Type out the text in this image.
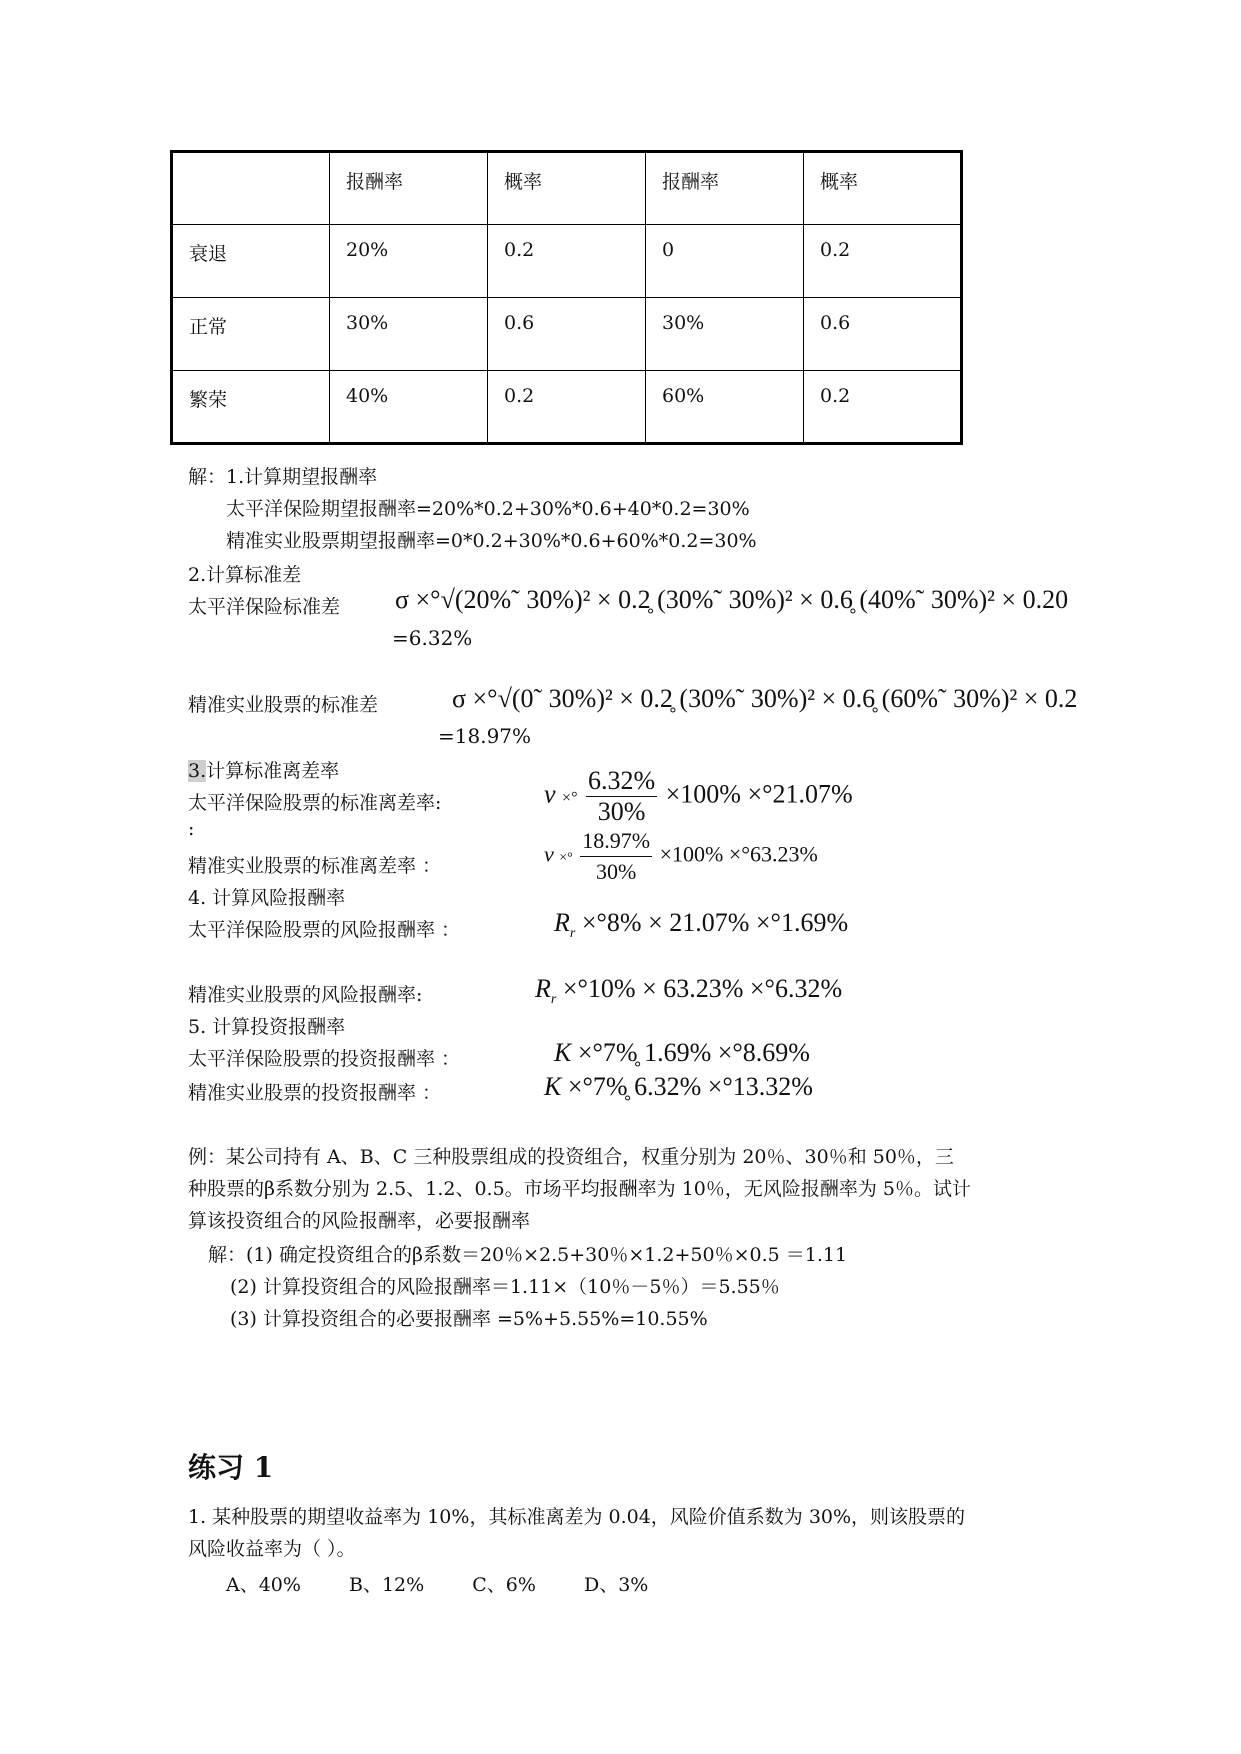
	报酬率	概率	报酬率	概率
衰退	20%	0.2	0	0.2
正常	30%	0.6	30%	0.6
繁荣	40%	0.2	60%	0.2
解：1.计算期望报酬率
太平洋保险期望报酬率=20%*0.2+30%*0.6+40*0.2=30%
精准实业股票期望报酬率=0*0.2+30%*0.6+60%*0.2=30%
2.计算标准差
太平洋保险标准差 σ ×°√(20%˜ 30%)² × 0.2̥ (30%˜ 30%)² × 0.6̥ (40%˜ 30%)² × 0.20
=6.32%
精准实业股票的标准差	σ ×°√(0˜ 30%)² × 0.2̥ (30%˜ 30%)² × 0.6̥ (60%˜ 30%)² × 0.2
=18.97%
3.计算标准离差率
太平洋保险股票的标准离差率:
:
v ×° $\frac{6.32\%}{30\%} \times 100\% \times^\circ 21.07\%$
精准实业股票的标准离差率 ：	v ×° $\frac{18.97\%}{30\%} \times 100\% \times^\circ 63.23\%$
4. 计算风险报酬率
太平洋保险股票的风险报酬率 ：	$R_r \times^\circ 8\% \times 21.07\% \times^\circ 1.69\%$
精准实业股票的风险报酬率:	$R_r \times^\circ 10\% \times 63.23\% \times^\circ 6.32\%$
5. 计算投资报酬率
太平洋保险股票的投资报酬率 ：	K ×°7%̥ 1.69% ×°8.69%
精准实业股票的投资报酬率 ：	K ×°7%̥ 6.32% ×°13.32%
例：某公司持有 A、B、C 三种股票组成的投资组合，权重分别为 20％、30％和 50％，三
种股票的β系数分别为 2.5、1.2、0.5。市场平均报酬率为 10％，无风险报酬率为 5％。试计
算该投资组合的风险报酬率，必要报酬率
解：(1) 确定投资组合的β系数＝20％×2.5+30％×1.2+50％×0.5 ＝1.11
(2) 计算投资组合的风险报酬率＝1.11×（10％－5％）＝5.55％
(3) 计算投资组合的必要报酬率 =5%+5.55%=10.55%
练习 1
1. 某种股票的期望收益率为 10%，其标准离差为 0.04，风险价值系数为 30%，则该股票的
风险收益率为（ ）。
A、40%	B、12%	C、6%	D、3%
